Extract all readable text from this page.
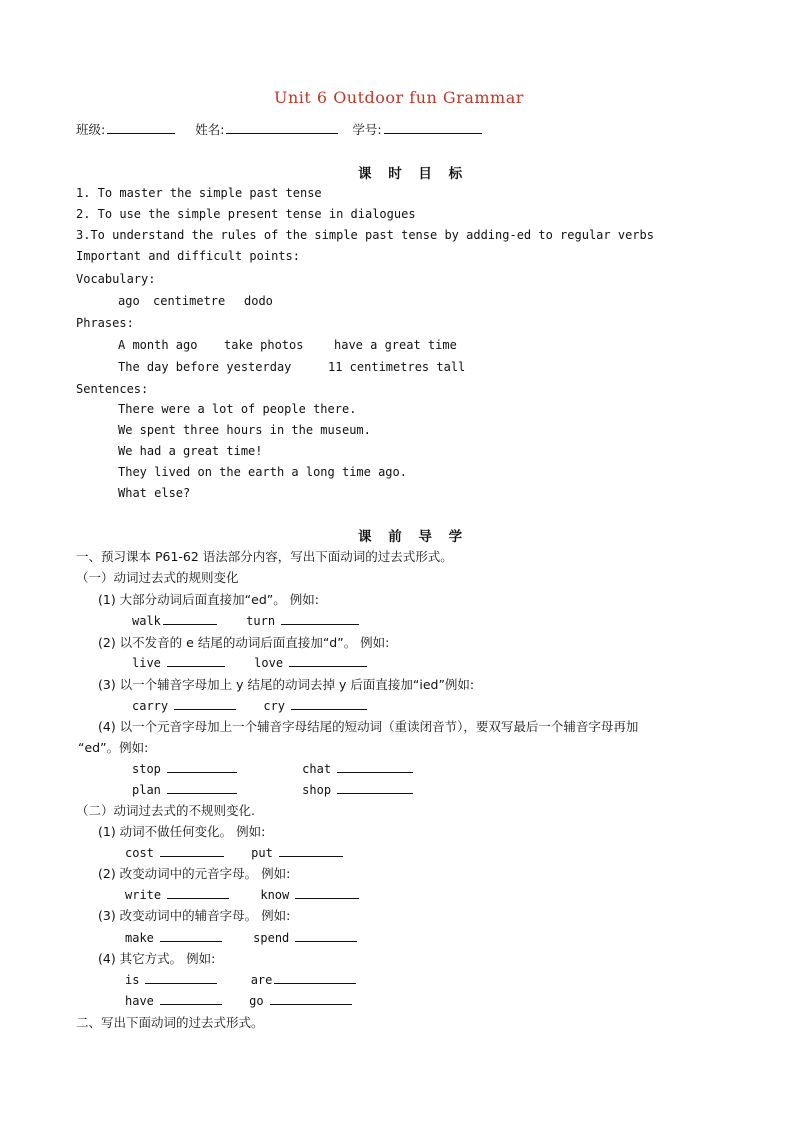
Unit 6 Outdoor fun Grammar
班级:	姓名:	学号:
课 时 目 标
1. To master the simple past tense
2. To use the simple present tense in dialogues
3.To understand the rules of the simple past tense by adding-ed to regular verbs
Important and difficult points:
Vocabulary:
ago centimetre dodo
Phrases:
A month ago take photos	have a great time
The day before yesterday	11 centimetres tall
Sentences:
There were a lot of people there.
We spent three hours in the museum.
We had a great time!
They lived on the earth a long time ago.
What else?
课 前 导 学
一、预习课本 P61-62 语法部分内容，写出下面动词的过去式形式。
（一）动词过去式的规则变化
(1) 大部分动词后面直接加“ed”。 例如:
walk	turn
(2) 以不发音的 e 结尾的动词后面直接加“d”。 例如:
live	love
(3) 以一个辅音字母加上 y 结尾的动词去掉 y 后面直接加“ied”例如:
carry	cry
(4) 以一个元音字母加上一个辅音字母结尾的短动词（重读闭音节），要双写最后一个辅音字母再加
“ed”。例如:
stop	chat
plan	shop
（二）动词过去式的不规则变化.
(1) 动词不做任何变化。 例如:
cost	put
(2) 改变动词中的元音字母。 例如:
write	know
(3) 改变动词中的辅音字母。 例如:
make	spend
(4) 其它方式。 例如:
is	are
have	go
二、写出下面动词的过去式形式。
